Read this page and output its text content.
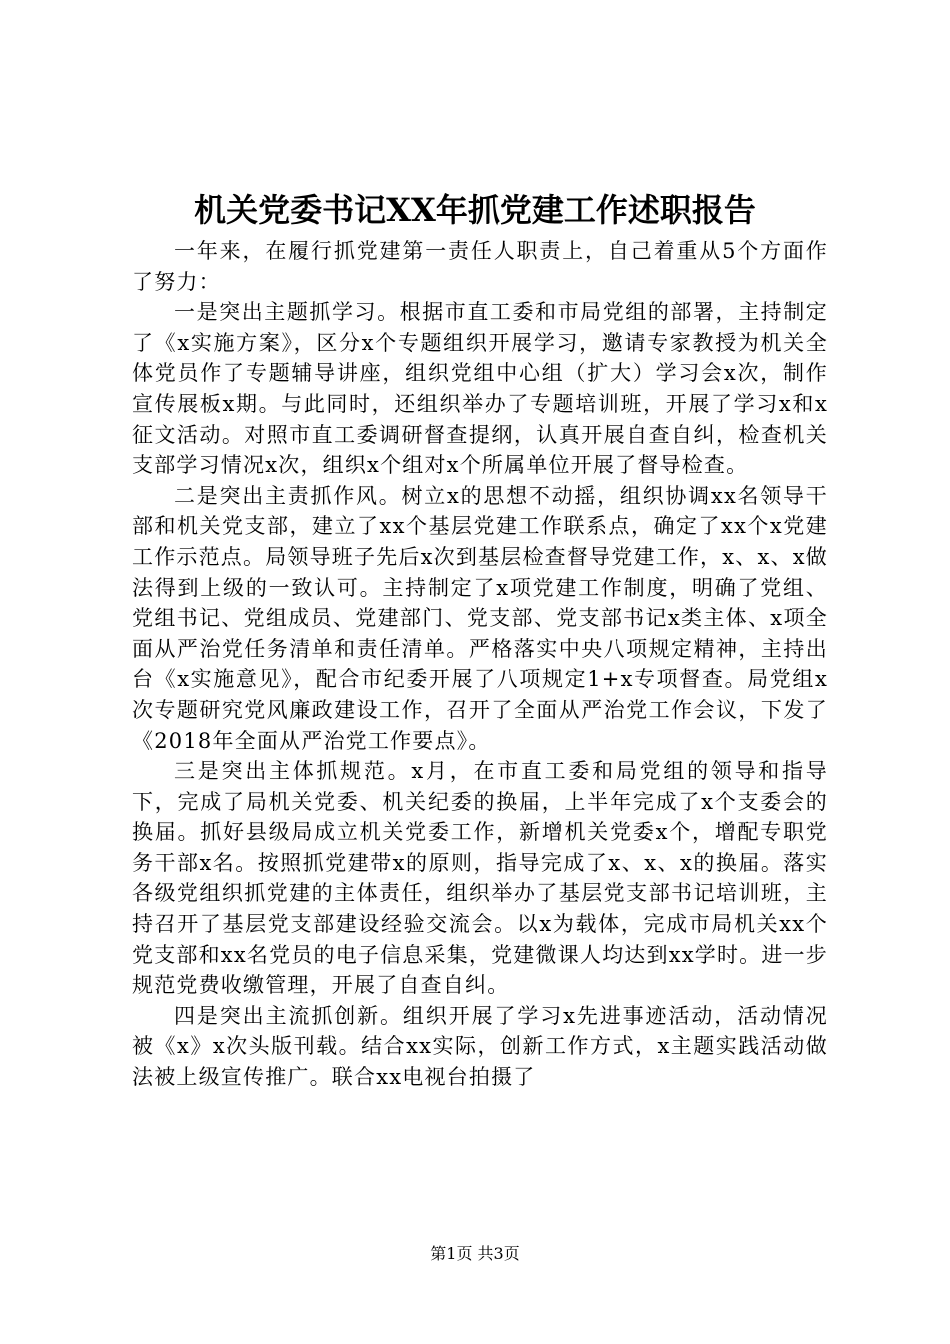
机关党委书记XX年抓党建工作述职报告

一年来，在履行抓党建第一责任人职责上，自己着重从5个方面作了努力：

一是突出主题抓学习。根据市直工委和市局党组的部署，主持制定了《x实施方案》，区分x个专题组织开展学习，邀请专家教授为机关全体党员作了专题辅导讲座，组织党组中心组（扩大）学习会x次，制作宣传展板x期。与此同时，还组织举办了专题培训班，开展了学习x和x征文活动。对照市直工委调研督查提纲，认真开展自查自纠，检查机关支部学习情况x次，组织x个组对x个所属单位开展了督导检查。

二是突出主责抓作风。树立x的思想不动摇，组织协调xx名领导干部和机关党支部，建立了xx个基层党建工作联系点，确定了xx个x党建工作示范点。局领导班子先后x次到基层检查督导党建工作，x、x、x做法得到上级的一致认可。主持制定了x项党建工作制度，明确了党组、党组书记、党组成员、党建部门、党支部、党支部书记x类主体、x项全面从严治党任务清单和责任清单。严格落实中央八项规定精神，主持出台《x实施意见》，配合市纪委开展了八项规定1+x专项督查。局党组x次专题研究党风廉政建设工作，召开了全面从严治党工作会议，下发了《2018年全面从严治党工作要点》。

三是突出主体抓规范。x月，在市直工委和局党组的领导和指导下，完成了局机关党委、机关纪委的换届，上半年完成了x个支委会的换届。抓好县级局成立机关党委工作，新增机关党委x个，增配专职党务干部x名。按照抓党建带x的原则，指导完成了x、x、x的换届。落实各级党组织抓党建的主体责任，组织举办了基层党支部书记培训班，主持召开了基层党支部建设经验交流会。以x为载体，完成市局机关xx个党支部和xx名党员的电子信息采集，党建微课人均达到xx学时。进一步规范党费收缴管理，开展了自查自纠。

四是突出主流抓创新。组织开展了学习x先进事迹活动，活动情况被《x》x次头版刊载。结合xx实际，创新工作方式，x主题实践活动做法被上级宣传推广。联合xx电视台拍摄了

第1页 共3页
